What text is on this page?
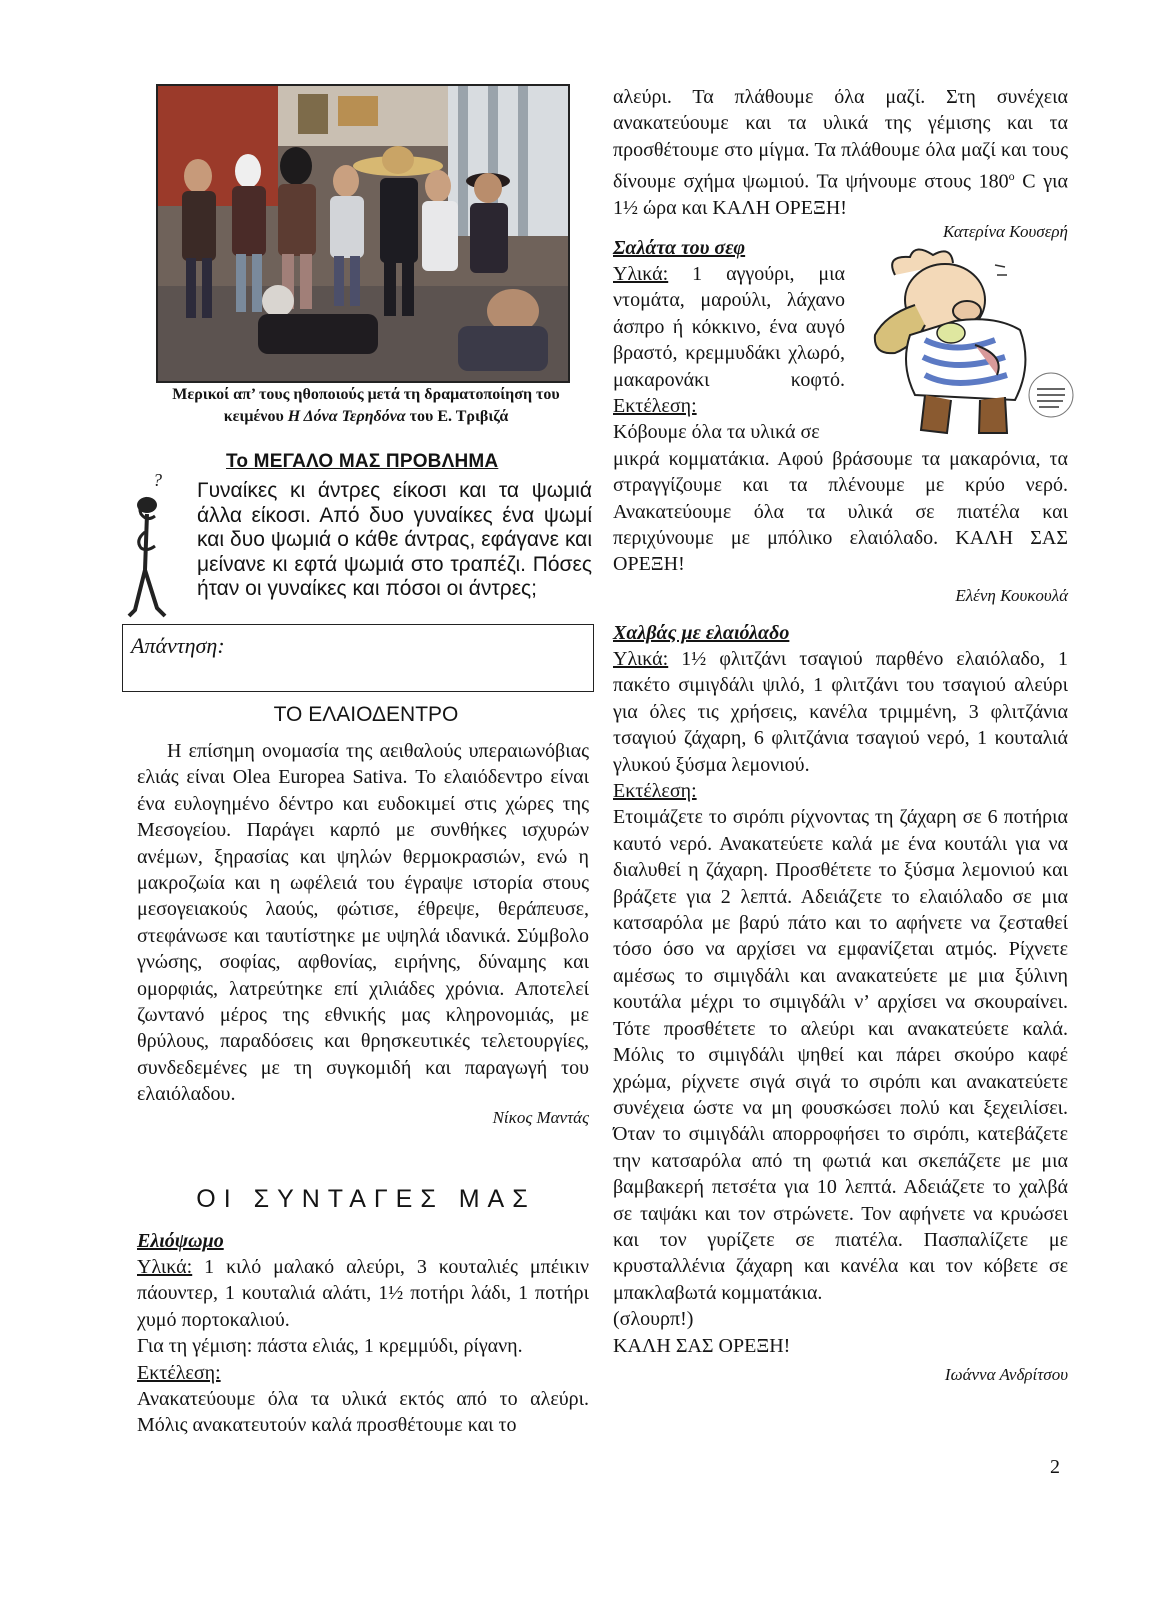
Μερικοί απ’ τους ηθοποιούς μετά τη δραματοποίηση του
κειμένου Η Δόνα Τερηδόνα του Ε. Τριβιζά
Το ΜΕΓΑΛΟ ΜΑΣ ΠΡΟΒΛΗΜΑ
? Γυναίκες κι άντρες είκοσι και τα ψωμιά άλλα είκοσι. Από δυο γυναίκες ένα ψωμί και δυο ψωμιά ο κάθε άντρας, εφάγανε και μείνανε κι εφτά ψωμιά στο τραπέζι. Πόσες ήταν οι γυναίκες και πόσοι οι άντρες;
Απάντηση:
ΤΟ ΕΛΑΙΟΔΕΝΤΡΟ

Η επίσημη ονομασία της αειθαλούς υπεραιωνόβιας ελιάς είναι Olea Europea Sativa. Το ελαιόδεντρο είναι ένα ευλογημένο δέντρο και ευδοκιμεί στις χώρες της Μεσογείου. Παράγει καρπό με συνθήκες ισχυρών ανέμων, ξηρασίας και ψηλών θερμοκρασιών, ενώ η μακροζωία και η ωφέλειά του έγραψε ιστορία στους μεσογειακούς λαούς, φώτισε, έθρεψε, θεράπευσε, στεφάνωσε και ταυτίστηκε με υψηλά ιδανικά. Σύμβολο γνώσης, σοφίας, αφθονίας, ειρήνης, δύναμης και ομορφιάς, λατρεύτηκε επί χιλιάδες χρόνια. Αποτελεί ζωντανό μέρος της εθνικής μας κληρονομιάς, με θρύλους, παραδόσεις και θρησκευτικές τελετουργίες, συνδεδεμένες με τη συγκομιδή και παραγωγή του ελαιόλαδου.

Νίκος Μαντάς
ΟΙ ΣΥΝΤΑΓΕΣ ΜΑΣ
Ελιόψωμο

Υλικά: 1 κιλό μαλακό αλεύρι, 3 κουταλιές μπέικιν πάουντερ, 1 κουταλιά αλάτι, 1½ ποτήρι λάδι, 1 ποτήρι χυμό πορτοκαλιού.

Για τη γέμιση: πάστα ελιάς, 1 κρεμμύδι, ρίγανη.

Εκτέλεση:

Ανακατεύουμε όλα τα υλικά εκτός από το αλεύρι. Μόλις ανακατευτούν καλά προσθέτουμε και το

αλεύρι. Τα πλάθουμε όλα μαζί. Στη συνέχεια ανακατεύουμε και τα υλικά της γέμισης και τα προσθέτουμε στο μίγμα. Τα πλάθουμε όλα μαζί και τους δίνουμε σχήμα ψωμιού. Τα ψήνουμε στους 180$^o$ C για 1½ ώρα και ΚΑΛΗ ΟΡΕΞΗ!

Κατερίνα Κουσερή
Σαλάτα του σεφ

Υλικά: 1 αγγούρι, μια ντομάτα, μαρούλι, λάχανο άσπρο ή κόκκινο, ένα αυγό βραστό, κρεμμυδάκι χλωρό, μακαρονάκι κοφτό.

Εκτέλεση:

Κόβουμε όλα τα υλικά σε

μικρά κομματάκια. Αφού βράσουμε τα μακαρόνια, τα στραγγίζουμε και τα πλένουμε με κρύο νερό. Ανακατεύουμε όλα τα υλικά σε πιατέλα και περιχύνουμε με μπόλικο ελαιόλαδο. ΚΑΛΗ ΣΑΣ ΟΡΕΞΗ!

Ελένη Κουκουλά
Χαλβάς με ελαιόλαδο

Υλικά: 1½ φλιτζάνι τσαγιού παρθένο ελαιόλαδο, 1 πακέτο σιμιγδάλι ψιλό, 1 φλιτζάνι του τσαγιού αλεύρι για όλες τις χρήσεις, κανέλα τριμμένη, 3 φλιτζάνια τσαγιού ζάχαρη, 6 φλιτζάνια τσαγιού νερό, 1 κουταλιά γλυκού ξύσμα λεμονιού.

Εκτέλεση:

Ετοιμάζετε το σιρόπι ρίχνοντας τη ζάχαρη σε 6 ποτήρια καυτό νερό. Ανακατεύετε καλά με ένα κουτάλι για να διαλυθεί η ζάχαρη. Προσθέτετε το ξύσμα λεμονιού και βράζετε για 2 λεπτά. Αδειάζετε το ελαιόλαδο σε μια κατσαρόλα με βαρύ πάτο και το αφήνετε να ζεσταθεί τόσο όσο να αρχίσει να εμφανίζεται ατμός. Ρίχνετε αμέσως το σιμιγδάλι και ανακατεύετε με μια ξύλινη κουτάλα μέχρι το σιμιγδάλι ν’ αρχίσει να σκουραίνει. Τότε προσθέτετε το αλεύρι και ανακατεύετε καλά. Μόλις το σιμιγδάλι ψηθεί και πάρει σκούρο καφέ χρώμα, ρίχνετε σιγά σιγά το σιρόπι και ανακατεύετε συνέχεια ώστε να μη φουσκώσει πολύ και ξεχειλίσει. Όταν το σιμιγδάλι απορροφήσει το σιρόπι, κατεβάζετε την κατσαρόλα από τη φωτιά και σκεπάζετε με μια βαμβακερή πετσέτα για 10 λεπτά. Αδειάζετε το χαλβά σε ταψάκι και τον στρώνετε. Τον αφήνετε να κρυώσει και τον γυρίζετε σε πιατέλα. Πασπαλίζετε με κρυσταλλένια ζάχαρη και κανέλα και τον κόβετε σε μπακλαβωτά κομματάκια.

(σλουρπ!)

ΚΑΛΗ ΣΑΣ ΟΡΕΞΗ!

Ιωάννα Ανδρίτσου
2
